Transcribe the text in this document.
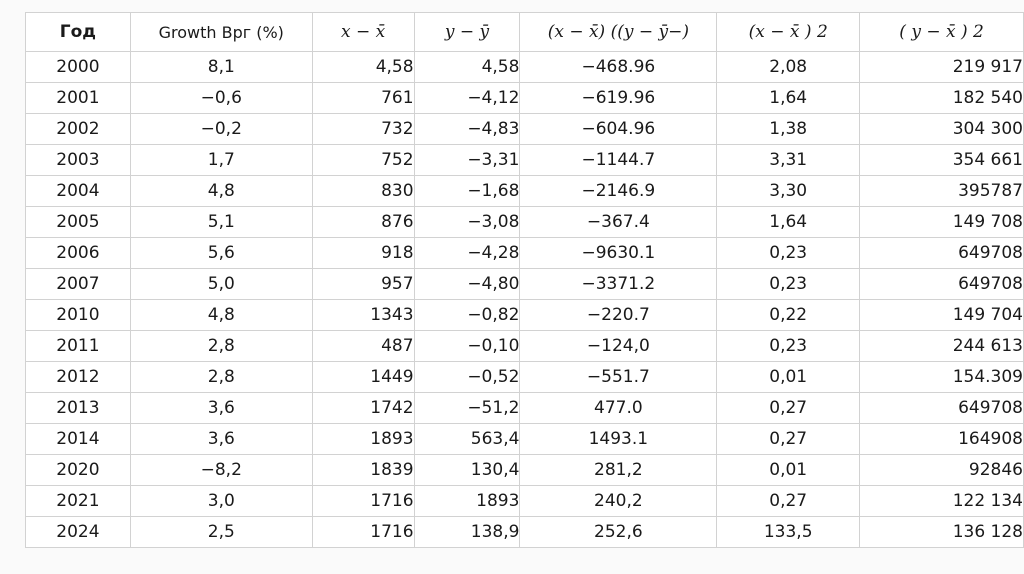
Год	Growth Врг (%)	x − x̄	y − ȳ	(x − x̄) ((y − ȳ−)	(x − x̄ ) 2	( y − x̄ ) 2
2000	8,1	4,58	4,58	−468.96	2,08	219 917
2001	−0,6	761	−4,12	−619.96	1,64	182 540
2002	−0,2	732	−4,83	−604.96	1,38	304 300
2003	1,7	752	−3,31	−1144.7	3,31	354 661
2004	4,8	830	−1,68	−2146.9	3,30	395787
2005	5,1	876	−3,08	−367.4	1,64	149 708
2006	5,6	918	−4,28	−9630.1	0,23	649708
2007	5,0	957	−4,80	−3371.2	0,23	649708
2010	4,8	1343	−0,82	−220.7	0,22	149 704
2011	2,8	487	−0,10	−124,0	0,23	244 613
2012	2,8	1449	−0,52	−551.7	0,01	154.309
2013	3,6	1742	−51,2	477.0	0,27	649708
2014	3,6	1893	563,4	1493.1	0,27	164908
2020	−8,2	1839	130,4	281,2	0,01	92846
2021	3,0	1716	1893	240,2	0,27	122 134
2024	2,5	1716	138,9	252,6	133,5	136 128
